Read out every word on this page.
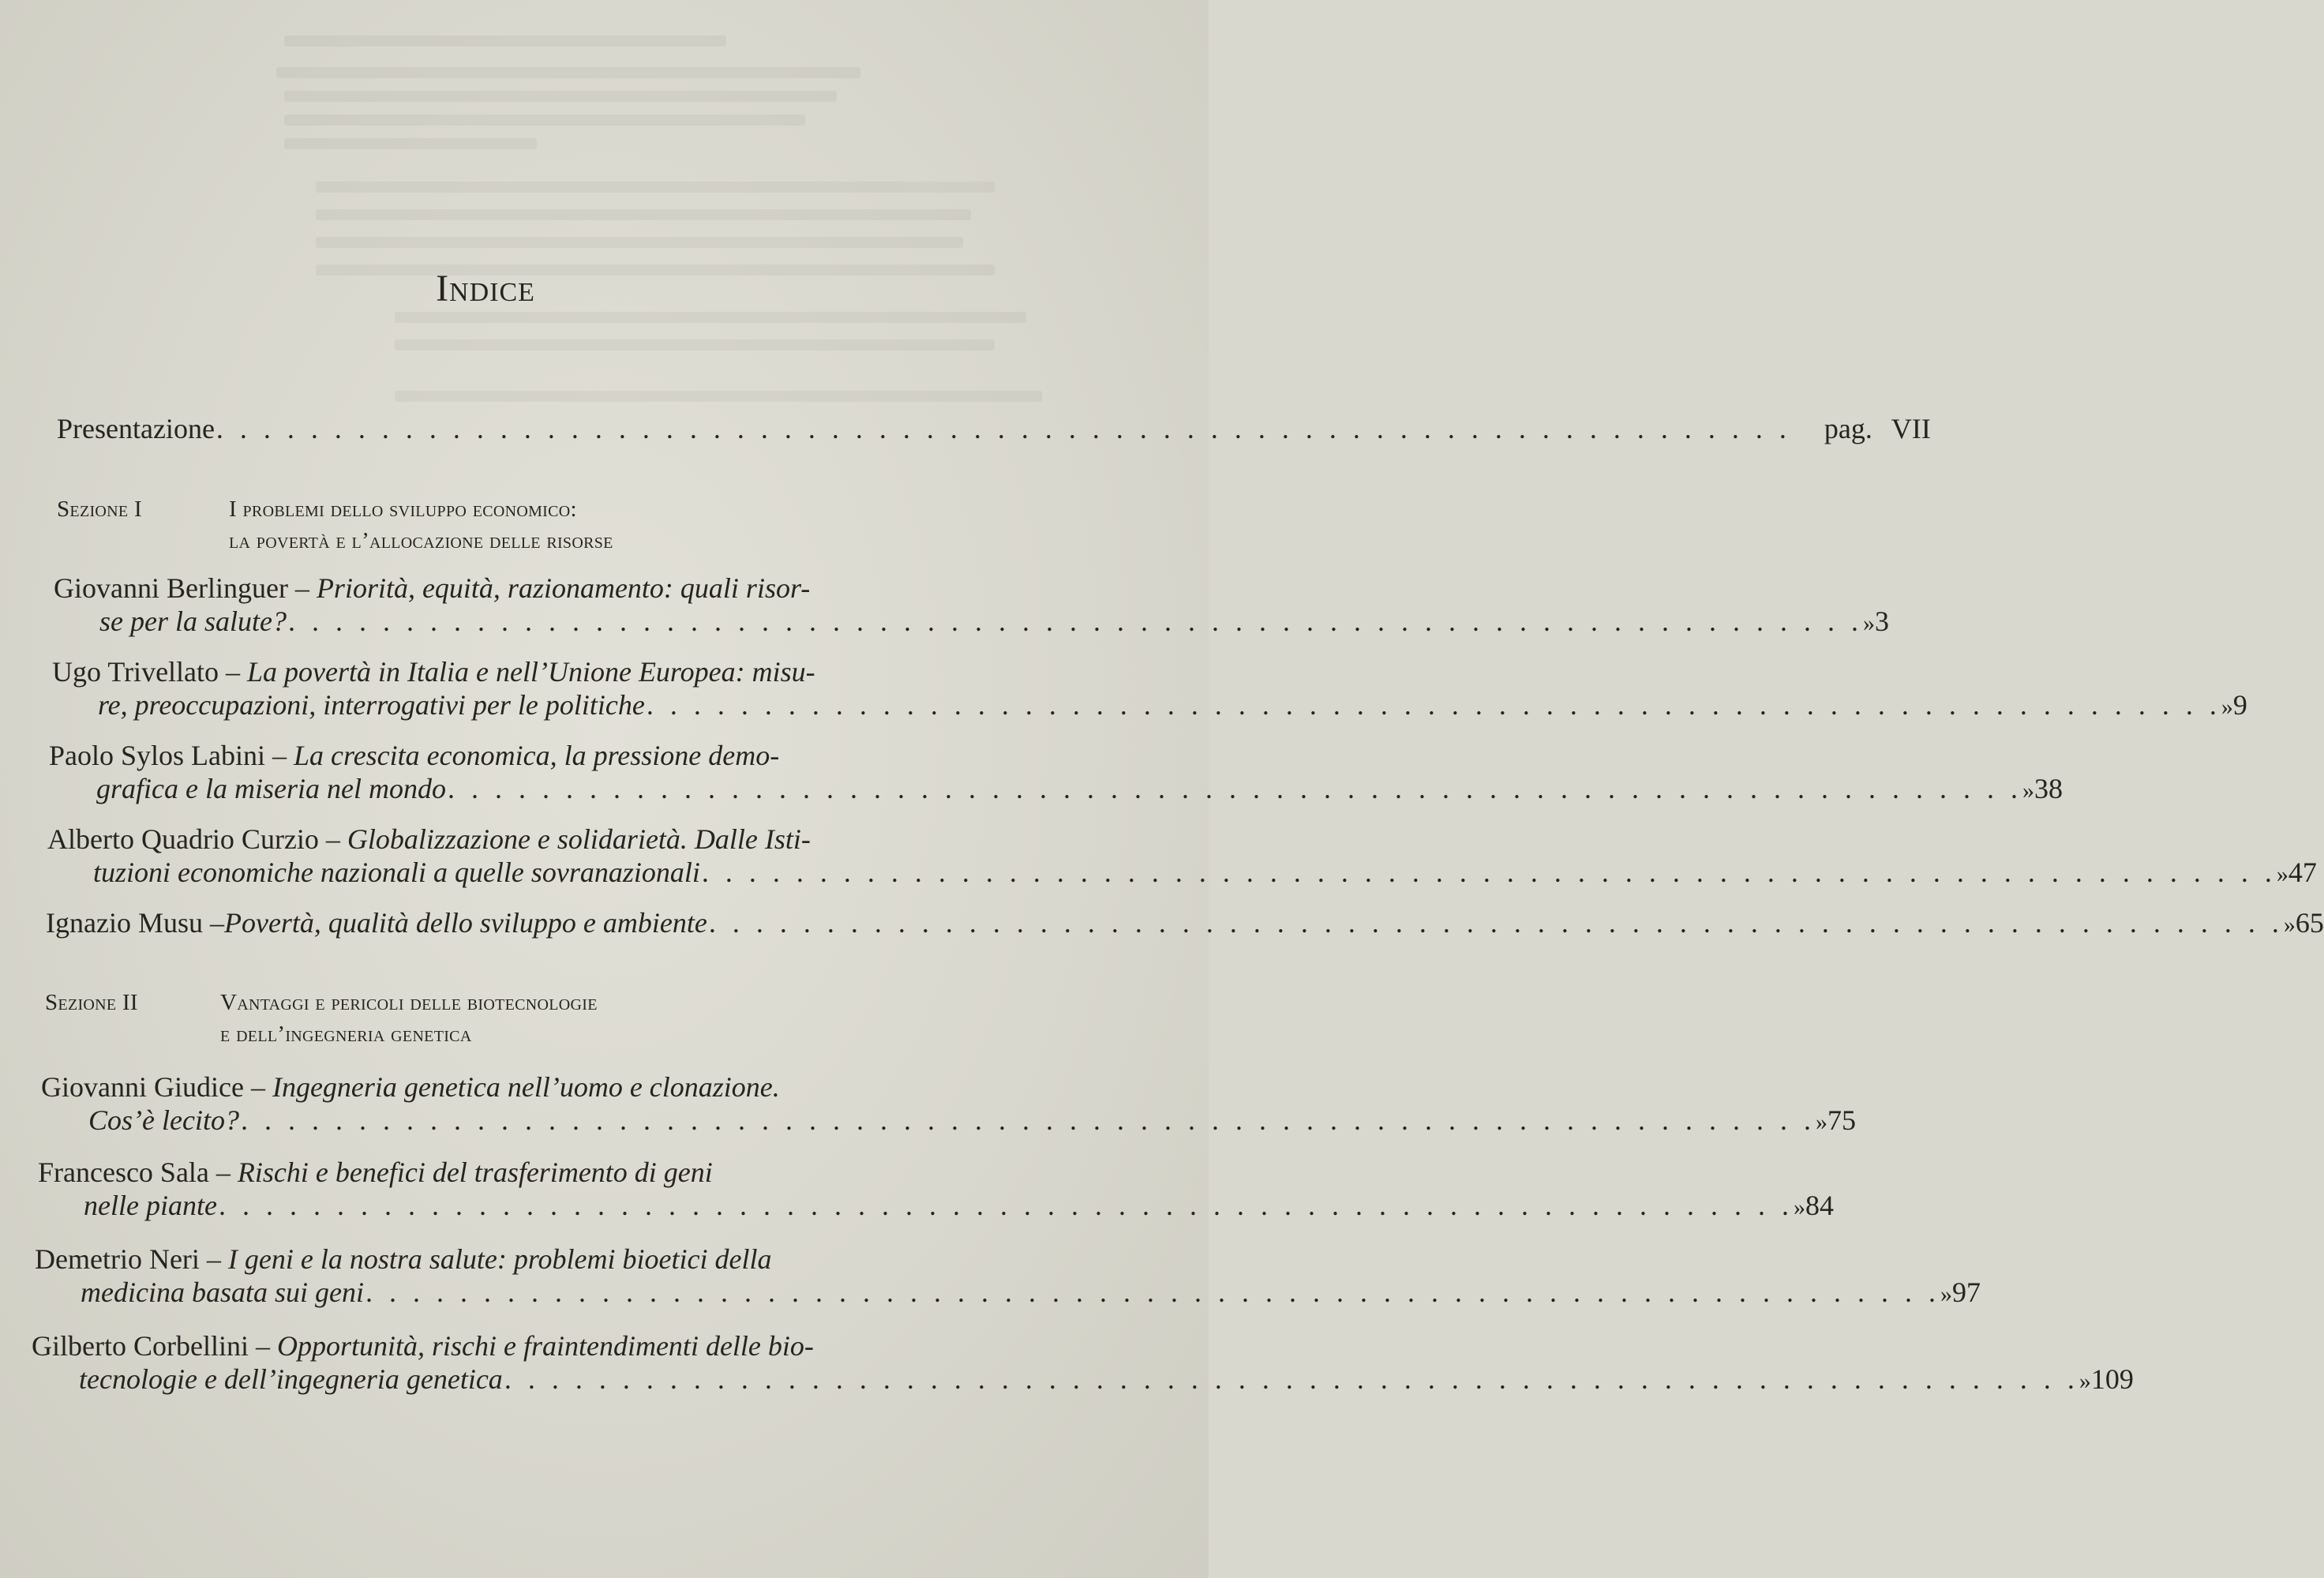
Indice
Presentazione . . . . . . . . . . . . . . . . . . . . . . . . . . . . . . . . . . . . . . . . . . . . . . . . . . . . . . . . . . . . . . . . . . . pag. VII
Sezione I	I problemi dello sviluppo economico:
la povertà e l’allocazione delle risorse
Giovanni Berlinguer – Priorità, equità, razionamento: quali risor-
se per la salute? . . . . . . . . . . . . . . . . . . . . . . . . . . . . . . . . . . . . . . . . . . . . . . . . . . . . . . . . . . . . . . . . . . . » 3
Ugo Trivellato – La povertà in Italia e nell’Unione Europea: misu-
re, preoccupazioni, interrogativi per le politiche . . . . . . . . . . . . . . . . . . . . . . . . . . . . . . . . . . . . . . . . . . . . . . . . . . . . . . . . . . . . . . . . . . . » 9
Paolo Sylos Labini – La crescita economica, la pressione demo-
grafica e la miseria nel mondo . . . . . . . . . . . . . . . . . . . . . . . . . . . . . . . . . . . . . . . . . . . . . . . . . . . . . . . . . . . . . . . . . . . » 38
Alberto Quadrio Curzio – Globalizzazione e solidarietà. Dalle Isti-
tuzioni economiche nazionali a quelle sovranazionali . . . . . . . . . . . . . . . . . . . . . . . . . . . . . . . . . . . . . . . . . . . . . . . . . . . . . . . . . . . . . . . . . . . » 47
Ignazio Musu – Povertà, qualità dello sviluppo e ambiente . . . . . . . . . . . . . . . . . . . . . . . . . . . . . . . . . . . . . . . . . . . . . . . . . . . . . . . . . . . . . . . . . . . » 65
Sezione II	Vantaggi e pericoli delle biotecnologie
e dell’ingegneria genetica
Giovanni Giudice – Ingegneria genetica nell’uomo e clonazione.
Cos’è lecito? . . . . . . . . . . . . . . . . . . . . . . . . . . . . . . . . . . . . . . . . . . . . . . . . . . . . . . . . . . . . . . . . . . . » 75
Francesco Sala – Rischi e benefici del trasferimento di geni
nelle piante . . . . . . . . . . . . . . . . . . . . . . . . . . . . . . . . . . . . . . . . . . . . . . . . . . . . . . . . . . . . . . . . . . . » 84
Demetrio Neri – I geni e la nostra salute: problemi bioetici della
medicina basata sui geni . . . . . . . . . . . . . . . . . . . . . . . . . . . . . . . . . . . . . . . . . . . . . . . . . . . . . . . . . . . . . . . . . . . » 97
Gilberto Corbellini – Opportunità, rischi e fraintendimenti delle bio-
tecnologie e dell’ingegneria genetica . . . . . . . . . . . . . . . . . . . . . . . . . . . . . . . . . . . . . . . . . . . . . . . . . . . . . . . . . . . . . . . . . . . » 109
